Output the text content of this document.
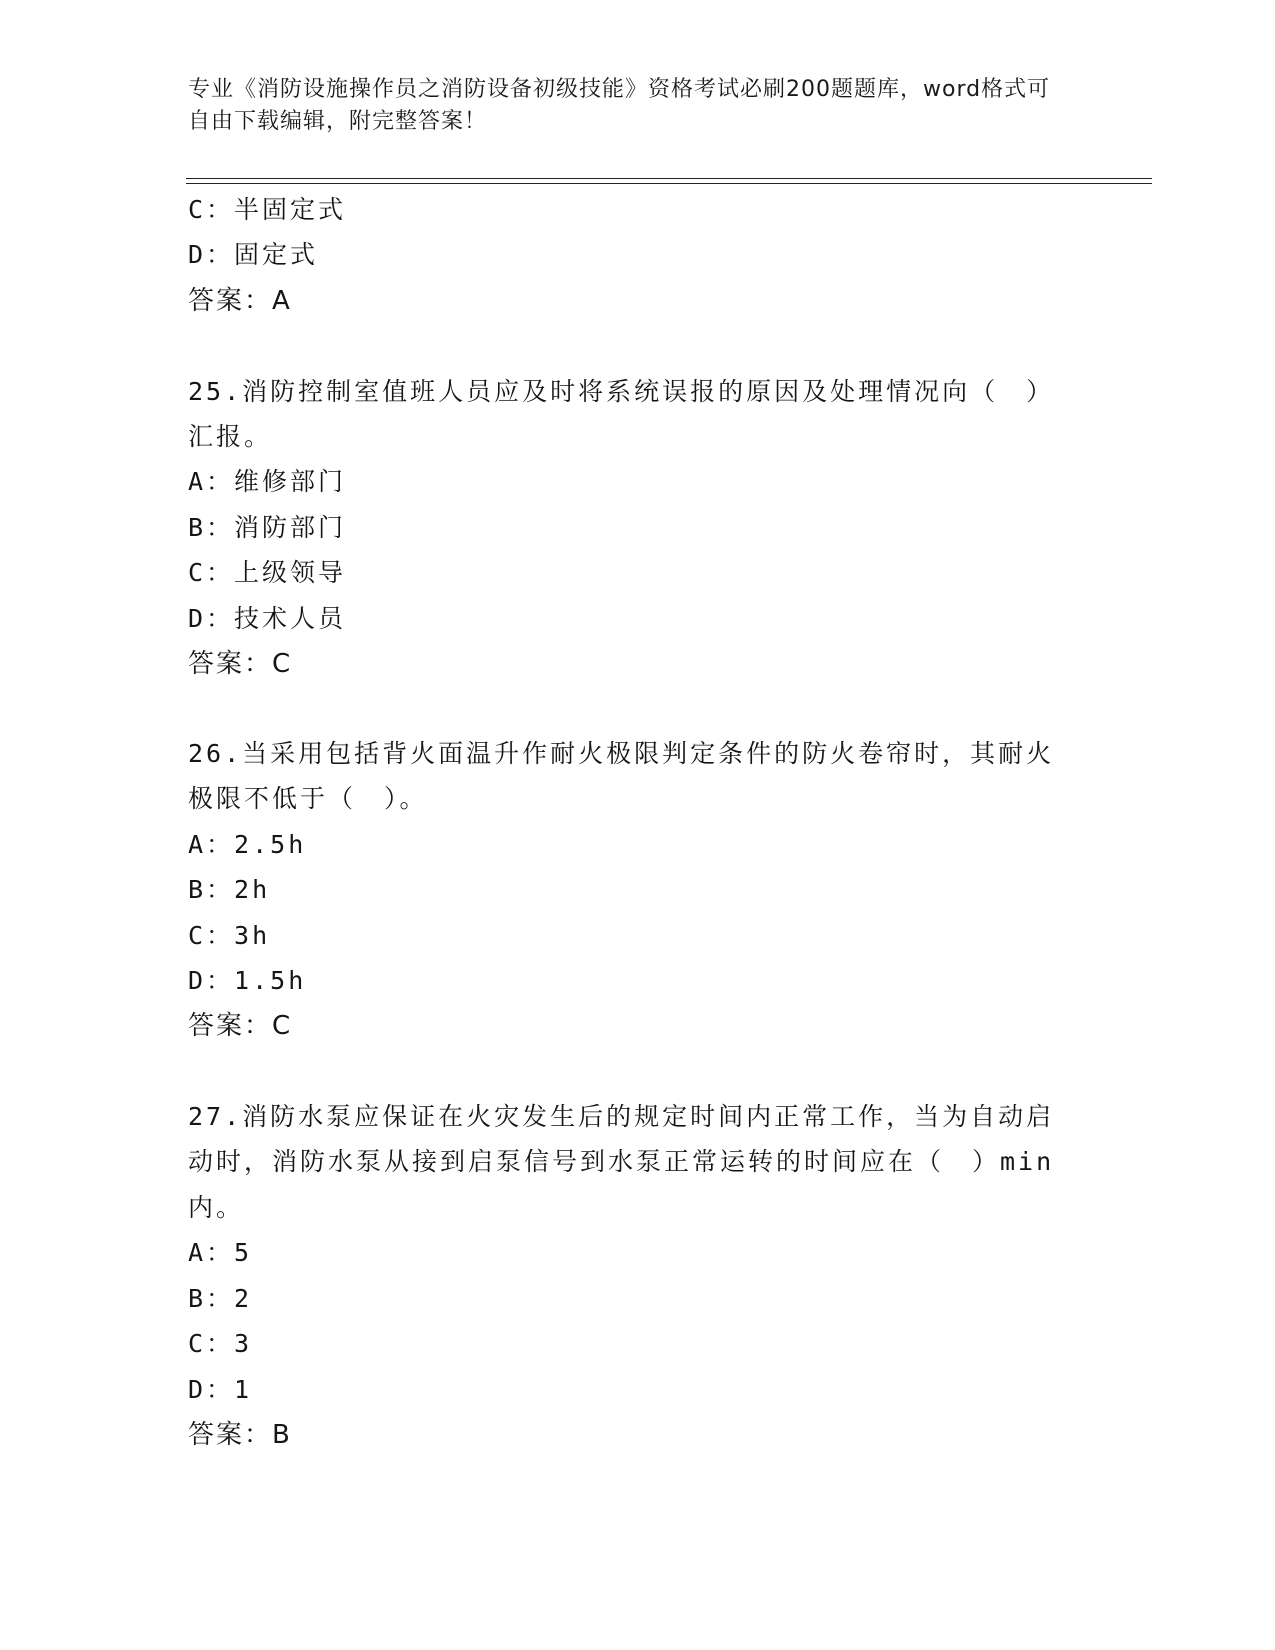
专业《消防设施操作员之消防设备初级技能》资格考试必刷200题题库，word格式可自由下载编辑，附完整答案！
C：半固定式
D：固定式
答案：A
25.消防控制室值班人员应及时将系统误报的原因及处理情况向（　）
汇报。
A：维修部门
B：消防部门
C：上级领导
D：技术人员
答案：C
26.当采用包括背火面温升作耐火极限判定条件的防火卷帘时，其耐火
极限不低于（　）。
A：2.5h
B：2h
C：3h
D：1.5h
答案：C
27.消防水泵应保证在火灾发生后的规定时间内正常工作，当为自动启
动时，消防水泵从接到启泵信号到水泵正常运转的时间应在（　）min
内。
A：5
B：2
C：3
D：1
答案：B
